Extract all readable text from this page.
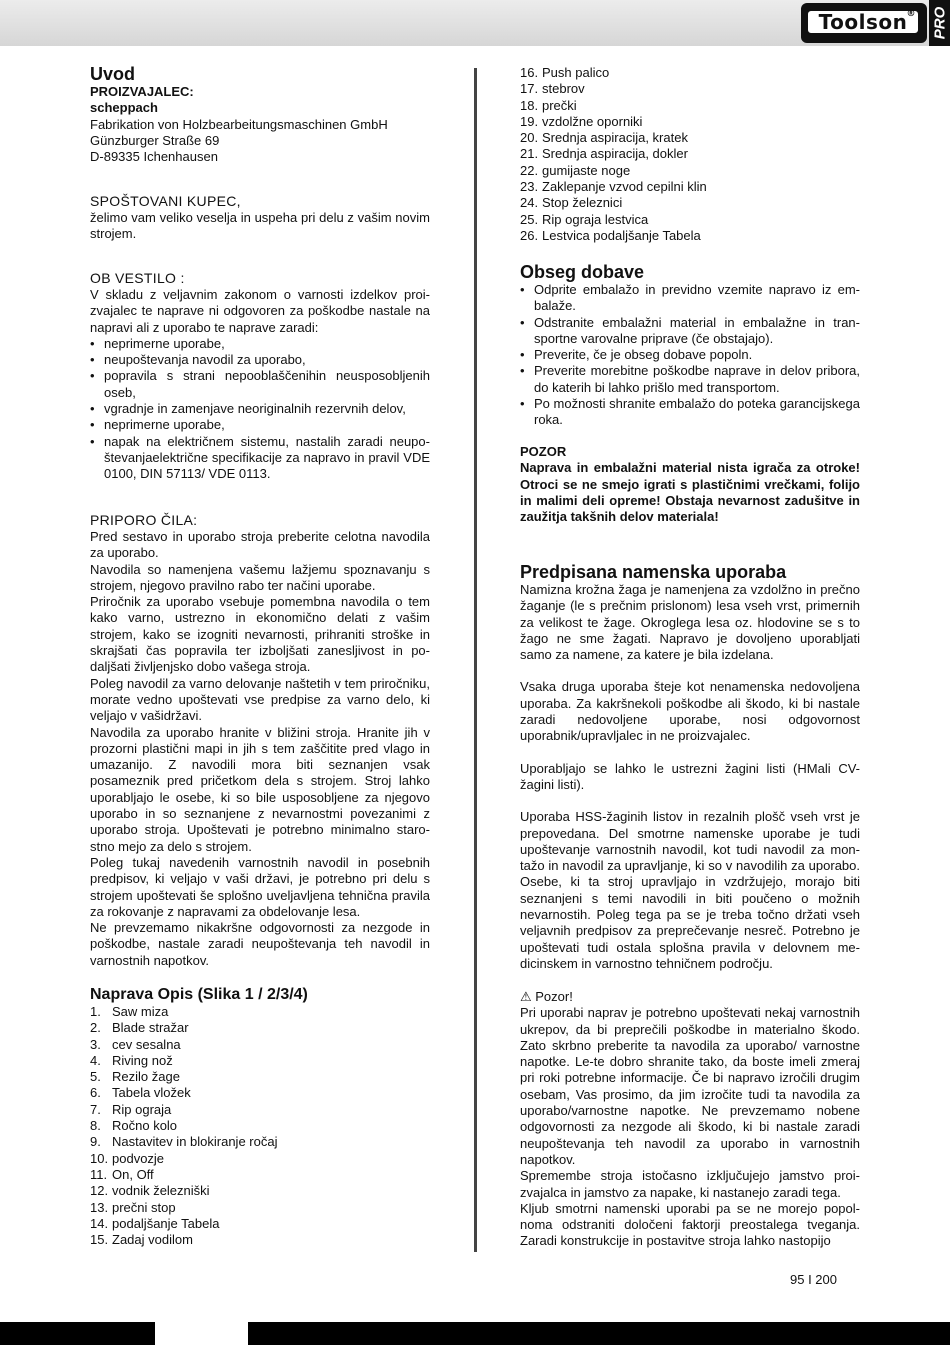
Toolson ® PRO
Uvod
PROIZVAJALEC:
scheppach
Fabrikation von Holzbearbeitungsmaschinen GmbH
Günzburger Straße 69
D-89335 Ichenhausen
SPOŠTOVANI KUPEC,

želimo vam veliko veselja in uspeha pri delu z vašim novim strojem.

OB VESTILO :

V skladu z veljavnim zakonom o varnosti izdelkov proizvajalec te naprave ni odgovoren za poškodbe nastale na napravi ali z uporabo te naprave zaradi:

• neprimerne uporabe,
• neupoštevanja navodil za uporabo,
• popravila s strani nepooblaščenihin neusposobljenih oseb,
• vgradnje in zamenjave neoriginalnih rezervnih delov,
• neprimerne uporabe,
• napak na električnem sistemu, nastalih zaradi neupoštevanjaelektrične specifikacije za napravo in pravil VDE 0100, DIN 57113/ VDE 0113.
PRIPORO ČILA:

Pred sestavo in uporabo stroja preberite celotna navodila za uporabo.

Navodila so namenjena vašemu lažjemu spoznavanju s strojem, njegovo pravilno rabo ter načini uporabe.

Priročnik za uporabo vsebuje pomembna navodila o tem kako varno, ustrezno in ekonomično delati z vašim strojem, kako se izogniti nevarnosti, prihraniti stroške in skrajšati čas popravila ter izboljšati zanesljivost in podaljšati življenjsko dobo vašega stroja.

Poleg navodil za varno delovanje naštetih v tem priročniku, morate vedno upoštevati vse predpise za varno delo, ki veljajo v vašidržavi.

Navodila za uporabo hranite v bližini stroja. Hranite jih v prozorni plastični mapi in jih s tem zaščitite pred vlago in umazanijo. Z navodili mora biti seznanjen vsak posameznik pred pričetkom dela s strojem. Stroj lahko uporabljajo le osebe, ki so bile usposobljene za njegovo uporabo in so seznanjene z nevarnostmi povezanimi z uporabo stroja. Upoštevati je potrebno minimalno starostno mejo za delo s strojem.

Poleg tukaj navedenih varnostnih navodil in posebnih predpisov, ki veljajo v vaši državi, je potrebno pri delu s strojem upoštevati še splošno uveljavljena tehnična pravila za rokovanje z napravami za obdelovanje lesa.

Ne prevzemamo nikakršne odgovornosti za nezgode in poškodbe, nastale zaradi neupoštevanja teh navodil in varnostnih napotkov.

Naprava Opis (Slika 1 / 2/3/4)
1. Saw miza
2. Blade stražar
3. cev sesalna
4. Riving nož
5. Rezilo žage
6. Tabela vložek
7. Rip ograja
8. Ročno kolo
9. Nastavitev in blokiranje ročaj
10. podvozje
11. On, Off
12. vodnik železniški
13. prečni stop
14. podaljšanje Tabela
15. Zadaj vodilom
16. Push palico
17. stebrov
18. prečki
19. vzdolžne oporniki
20. Srednja aspiracija, kratek
21. Srednja aspiracija, dokler
22. gumijaste noge
23. Zaklepanje vzvod cepilni klin
24. Stop železnici
25. Rip ograja lestvica
26. Lestvica podaljšanje Tabela
Obseg dobave
• Odprite embalažo in previdno vzemite napravo iz embalaže.
• Odstranite embalažni material in embalažne in transportne varovalne priprave (če obstajajo).
• Preverite, če je obseg dobave popoln.
• Preverite morebitne poškodbe naprave in delov pribora, do katerih bi lahko prišlo med transportom.
• Po možnosti shranite embalažo do poteka garancijskega roka.
POZOR

Naprava in embalažni material nista igrača za otroke! Otroci se ne smejo igrati s plastičnimi vrečkami, folijo in malimi deli opreme! Obstaja nevarnost zadušitve in zaužitja takšnih delov materiala!

Predpisana namenska uporaba

Namizna krožna žaga je namenjena za vzdolžno in prečno žaganje (le s prečnim prislonom) lesa vseh vrst, primernih za velikost te žage. Okroglega lesa oz. hlodovine se s to žago ne sme žagati. Napravo je dovoljeno uporabljati samo za namene, za katere je bila izdelana.

Vsaka druga uporaba šteje kot nenamenska nedovoljena uporaba. Za kakršnekoli poškodbe ali škodo, ki bi nastale zaradi nedovoljene uporabe, nosi odgovornost uporabnik/upravljalec in ne proizvajalec.

Uporabljajo se lahko le ustrezni žagini listi (HMali CV-žagini listi).

Uporaba HSS-žaginih listov in rezalnih plošč vseh vrst je prepovedana. Del smotrne namenske uporabe je tudi upoštevanje varnostnih navodil, kot tudi navodil za montažo in navodil za upravljanje, ki so v navodilih za uporabo. Osebe, ki ta stroj upravljajo in vzdržujejo, morajo biti seznanjeni s temi navodili in biti poučeno o možnih nevarnostih. Poleg tega pa se je treba točno držati vseh veljavnih predpisov za preprečevanje nesreč. Potrebno je upoštevati tudi ostala splošna pravila v delovnem medicinskem in varnostno tehničnem področju.

⚠ Pozor!

Pri uporabi naprav je potrebno upoštevati nekaj varnostnih ukrepov, da bi preprečili poškodbe in materialno škodo. Zato skrbno preberite ta navodila za uporabo/ varnostne napotke. Le-te dobro shranite tako, da boste imeli zmeraj pri roki potrebne informacije. Če bi napravo izročili drugim osebam, Vas prosimo, da jim izročite tudi ta navodila za uporabo/varnostne napotke. Ne prevzemamo nobene odgovornosti za nezgode ali škodo, ki bi nastale zaradi neupoštevanja teh navodil za uporabo in varnostnih napotkov.

Spremembe stroja istočasno izključujejo jamstvo proizvajalca in jamstvo za napake, ki nastanejo zaradi tega.

Kljub smotrni namenski uporabi pa se ne morejo popolnoma odstraniti določeni faktorji preostalega tveganja. Zaradi konstrukcije in postavitve stroja lahko nastopijo

95 I 200
